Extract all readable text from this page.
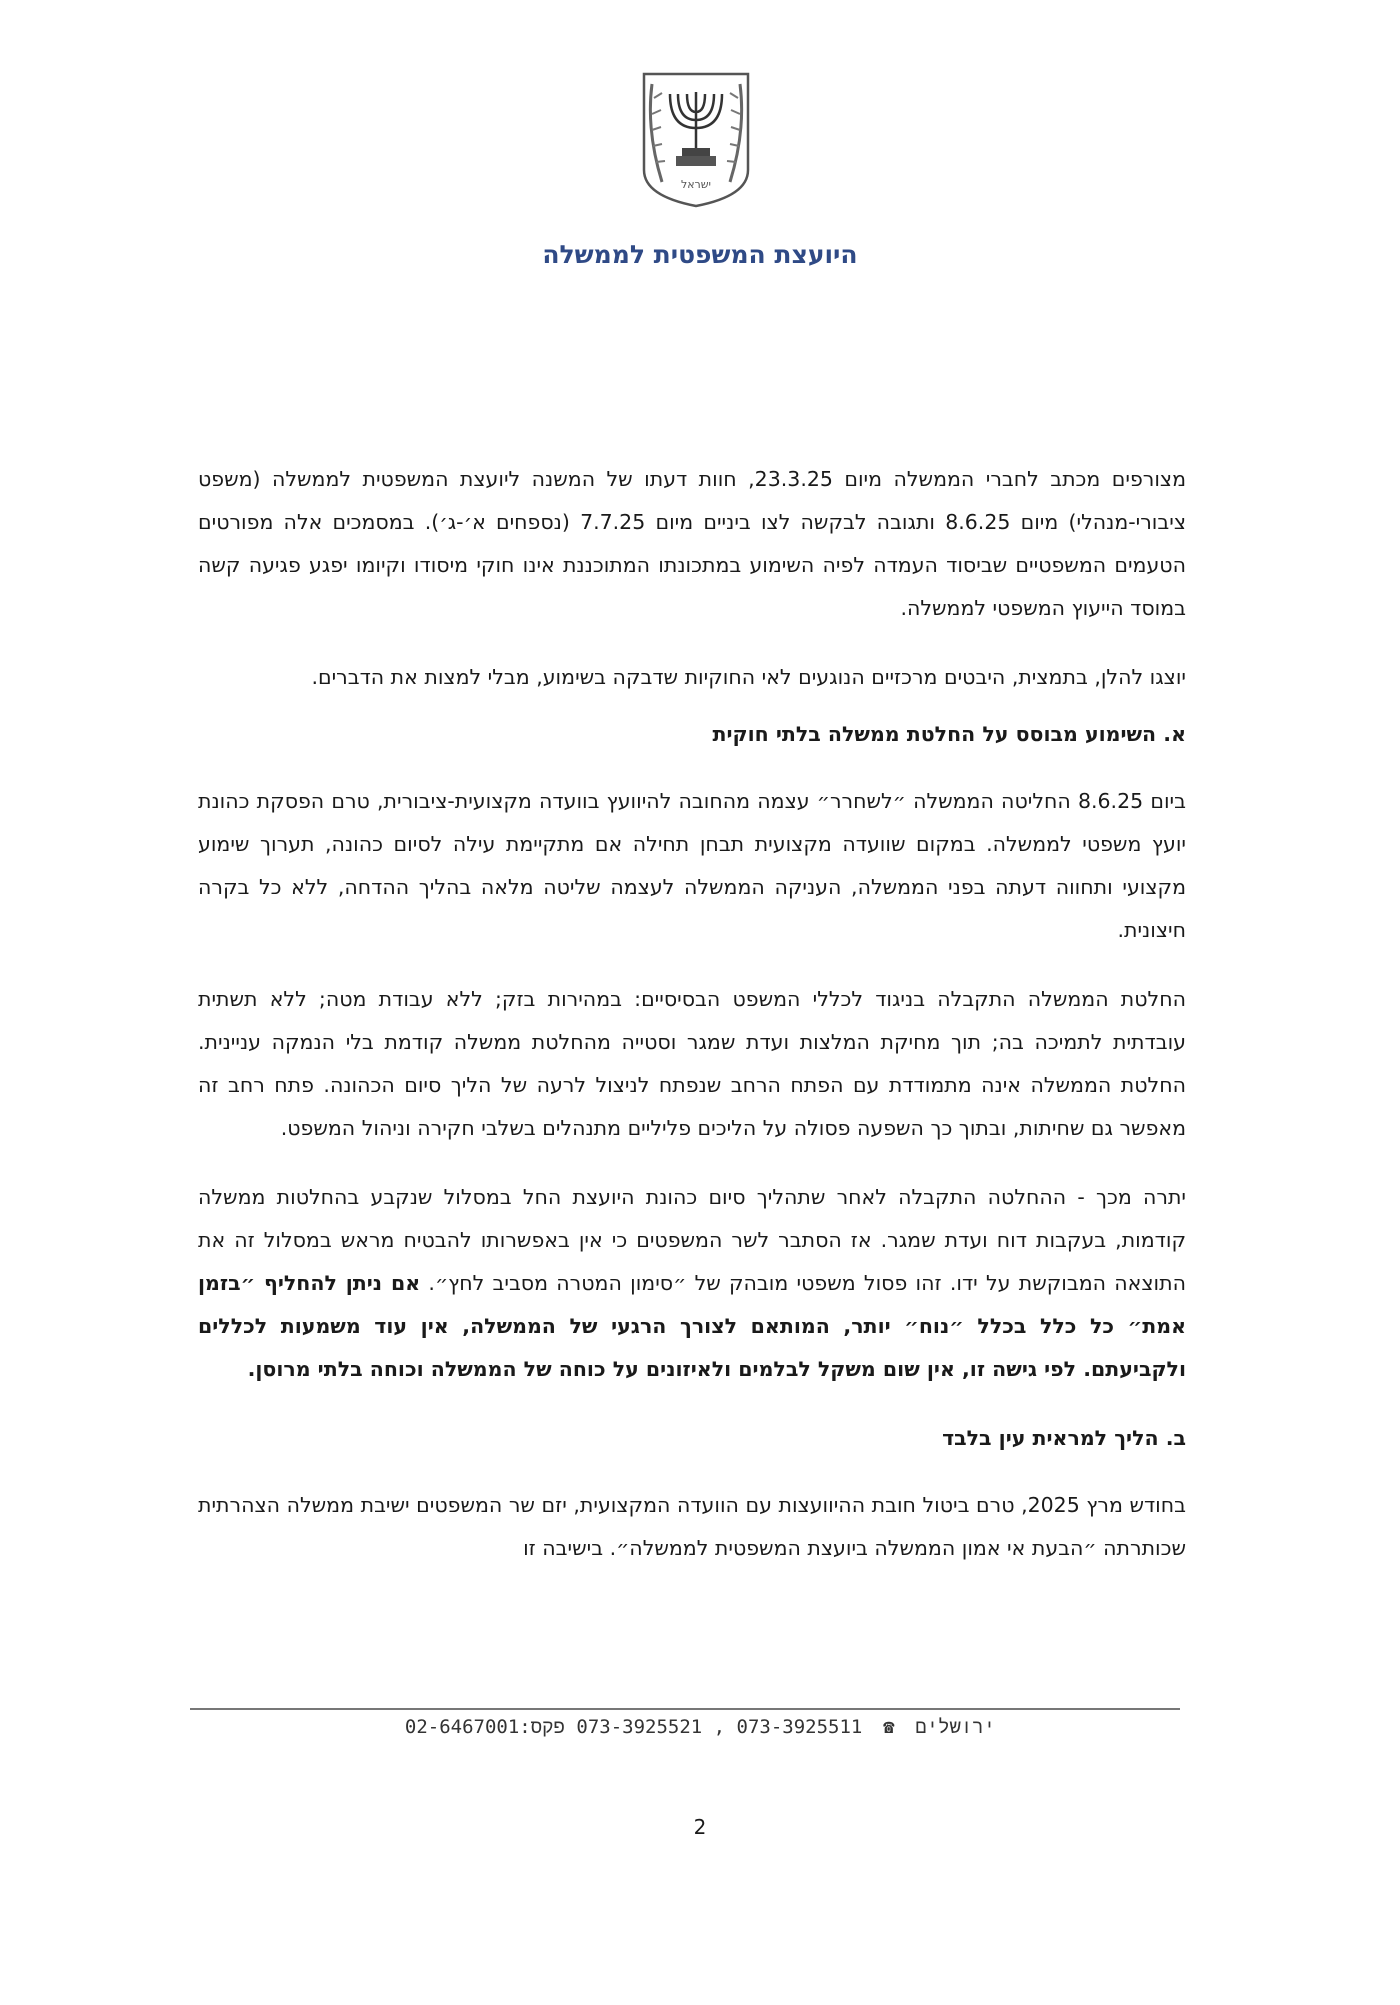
ישראל
היועצת המשפטית לממשלה

מצורפים מכתב לחברי הממשלה מיום 23.3.25, חוות דעתו של המשנה ליועצת המשפטית לממשלה (משפט ציבורי-מנהלי) מיום 8.6.25 ותגובה לבקשה לצו ביניים מיום 7.7.25 (נספחים א׳-ג׳). במסמכים אלה מפורטים הטעמים המשפטיים שביסוד העמדה לפיה השימוע במתכונתו המתוכננת אינו חוקי מיסודו וקיומו יפגע פגיעה קשה במוסד הייעוץ המשפטי לממשלה.

יוצגו להלן, בתמצית, היבטים מרכזיים הנוגעים לאי החוקיות שדבקה בשימוע, מבלי למצות את הדברים.

א. השימוע מבוסס על החלטת ממשלה בלתי חוקית

ביום 8.6.25 החליטה הממשלה ״לשחרר״ עצמה מהחובה להיוועץ בוועדה מקצועית-ציבורית, טרם הפסקת כהונת יועץ משפטי לממשלה. במקום שוועדה מקצועית תבחן תחילה אם מתקיימת עילה לסיום כהונה, תערוך שימוע מקצועי ותחווה דעתה בפני הממשלה, העניקה הממשלה לעצמה שליטה מלאה בהליך ההדחה, ללא כל בקרה חיצונית.

החלטת הממשלה התקבלה בניגוד לכללי המשפט הבסיסיים: במהירות בזק; ללא עבודת מטה; ללא תשתית עובדתית לתמיכה בה; תוך מחיקת המלצות ועדת שמגר וסטייה מהחלטת ממשלה קודמת בלי הנמקה עניינית. החלטת הממשלה אינה מתמודדת עם הפתח הרחב שנפתח לניצול לרעה של הליך סיום הכהונה. פתח רחב זה מאפשר גם שחיתות, ובתוך כך השפעה פסולה על הליכים פליליים מתנהלים בשלבי חקירה וניהול המשפט.

יתרה מכך - ההחלטה התקבלה לאחר שתהליך סיום כהונת היועצת החל במסלול שנקבע בהחלטות ממשלה קודמות, בעקבות דוח ועדת שמגר. אז הסתבר לשר המשפטים כי אין באפשרותו להבטיח מראש במסלול זה את התוצאה המבוקשת על ידו. זהו פסול משפטי מובהק של ״סימון המטרה מסביב לחץ״. אם ניתן להחליף ״בזמן אמת״ כל כלל בכלל ״נוח״ יותר, המותאם לצורך הרגעי של הממשלה, אין עוד משמעות לכללים ולקביעתם. לפי גישה זו, אין שום משקל לבלמים ולאיזונים על כוחה של הממשלה וכוחה בלתי מרוסן.

ב. הליך למראית עין בלבד

בחודש מרץ 2025, טרם ביטול חובת ההיוועצות עם הוועדה המקצועית, יזם שר המשפטים ישיבת ממשלה הצהרתית שכותרתה ״הבעת אי אמון הממשלה ביועצת המשפטית לממשלה״. בישיבה זו

ירושלים ☎ 073-3925511 , 073-3925521 פקס:02-6467001
2
